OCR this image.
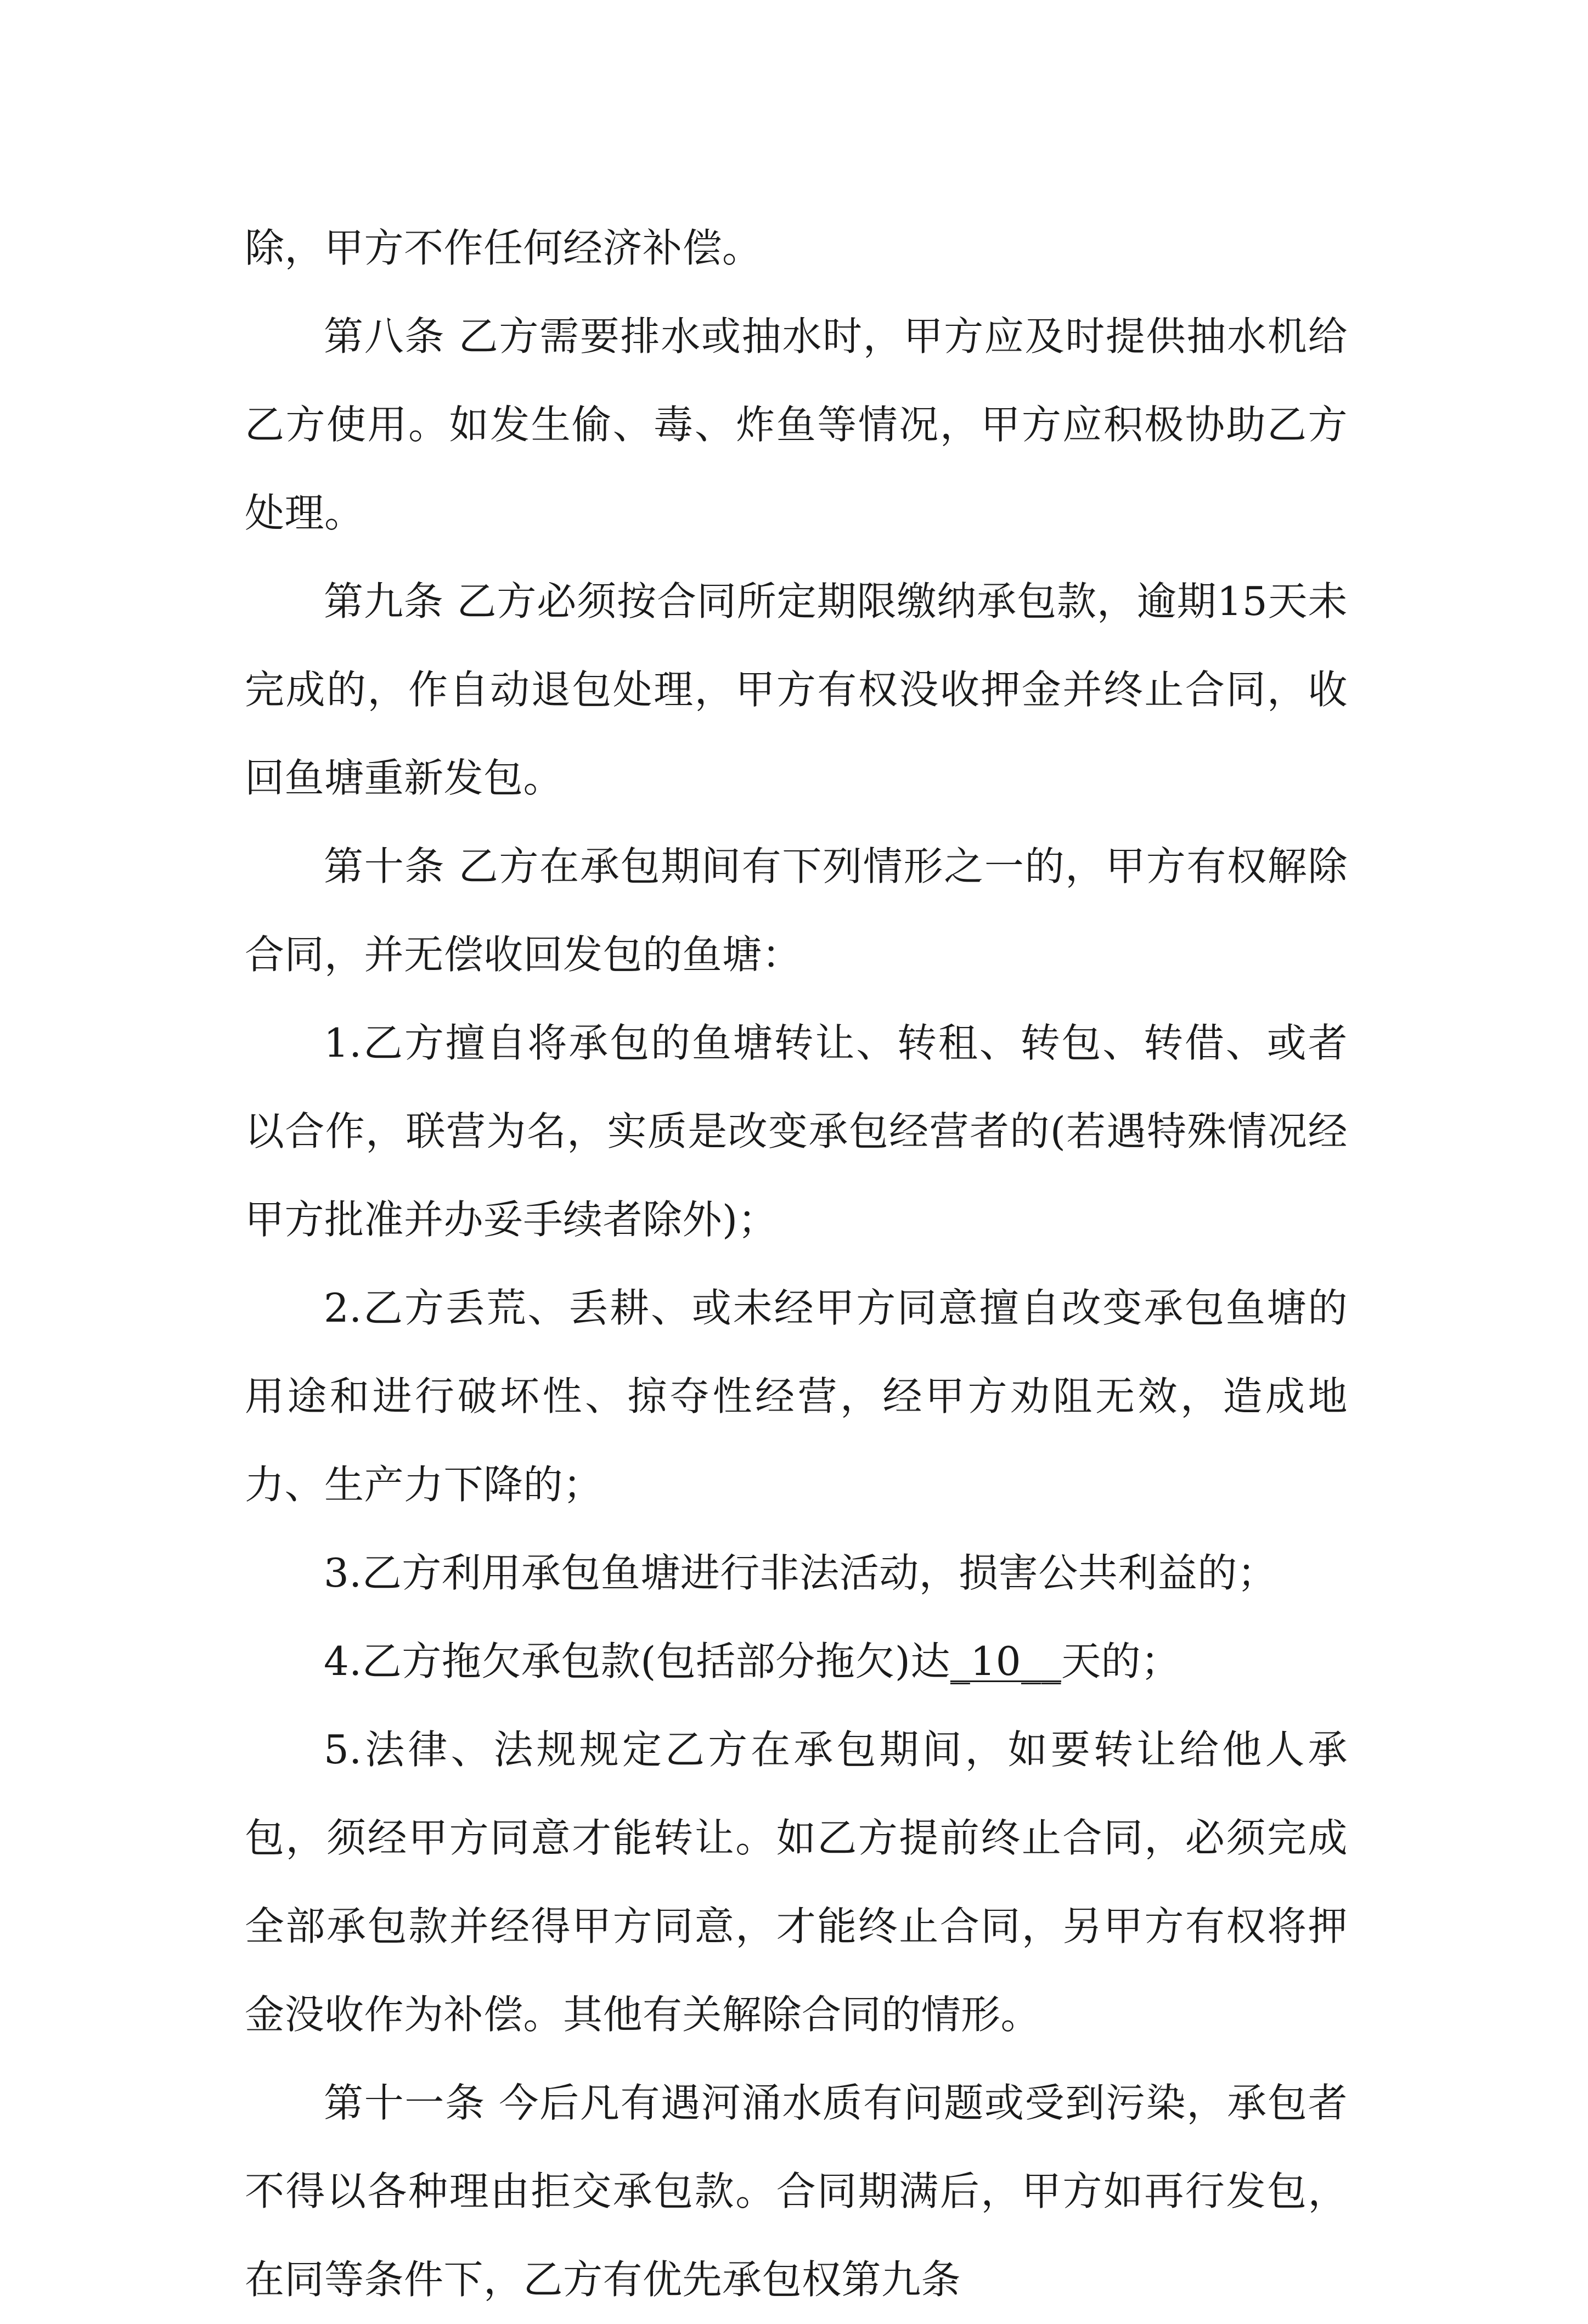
除，甲方不作任何经济补偿。

第八条 乙方需要排水或抽水时，甲方应及时提供抽水机给乙方使用。如发生偷、毒、炸鱼等情况，甲方应积极协助乙方处理。

第九条 乙方必须按合同所定期限缴纳承包款，逾期15天未完成的，作自动退包处理，甲方有权没收押金并终止合同，收回鱼塘重新发包。

第十条 乙方在承包期间有下列情形之一的，甲方有权解除合同，并无偿收回发包的鱼塘：

1.乙方擅自将承包的鱼塘转让、转租、转包、转借、或者以合作，联营为名，实质是改变承包经营者的(若遇特殊情况经甲方批准并办妥手续者除外)；

2.乙方丢荒、丢耕、或未经甲方同意擅自改变承包鱼塘的用途和进行破坏性、掠夺性经营，经甲方劝阻无效，造成地力、生产力下降的；

3.乙方利用承包鱼塘进行非法活动，损害公共利益的；

4.乙方拖欠承包款(包括部分拖欠)达_10__天的；

5.法律、法规规定乙方在承包期间，如要转让给他人承包，须经甲方同意才能转让。如乙方提前终止合同，必须完成全部承包款并经得甲方同意，才能终止合同，另甲方有权将押金没收作为补偿。其他有关解除合同的情形。

第十一条 今后凡有遇河涌水质有问题或受到污染，承包者不得以各种理由拒交承包款。合同期满后，甲方如再行发包，在同等条件下，乙方有优先承包权第九条
